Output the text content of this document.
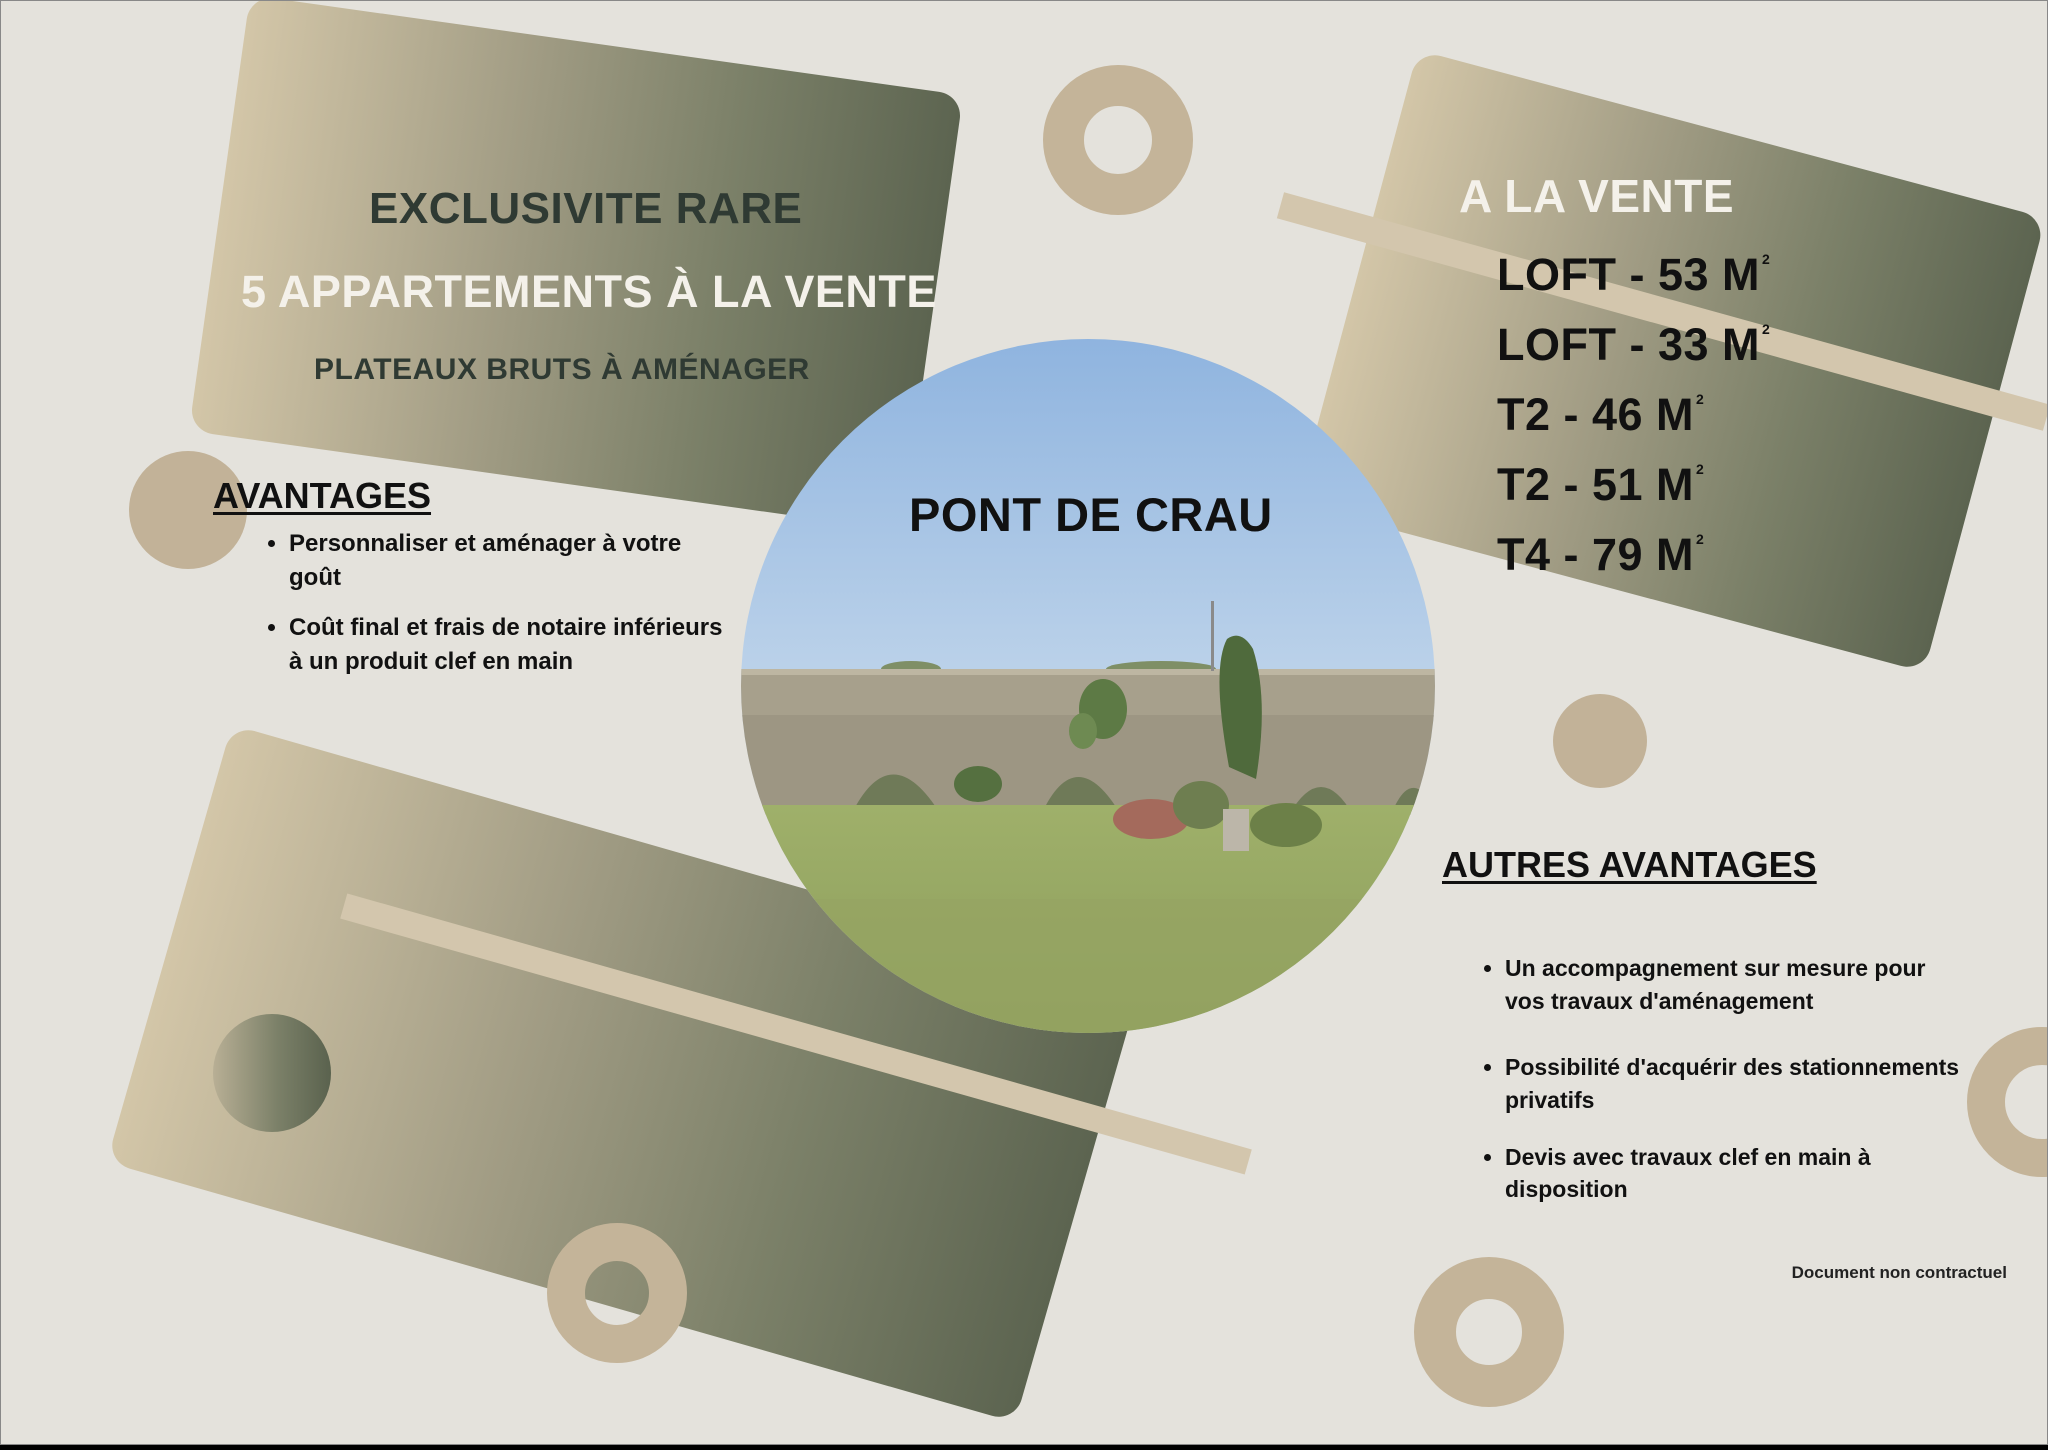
EXCLUSIVITE RARE
5 APPARTEMENTS À LA VENTE
PLATEAUX BRUTS À AMÉNAGER
AVANTAGES
• Personnaliser et aménager à votre goût
• Coût final et frais de notaire inférieurs à un produit clef en main
PONT DE CRAU
A LA VENTE
LOFT - 53 M $^2$
LOFT - 33 M $^2$
T2 - 46 M $^2$
T2 - 51 M $^2$
T4 - 79 M $^2$
AUTRES AVANTAGES
• Un accompagnement sur mesure pour vos travaux d'aménagement
• Possibilité d'acquérir des stationnements privatifs
• Devis avec travaux clef en main à disposition
Document non contractuel
